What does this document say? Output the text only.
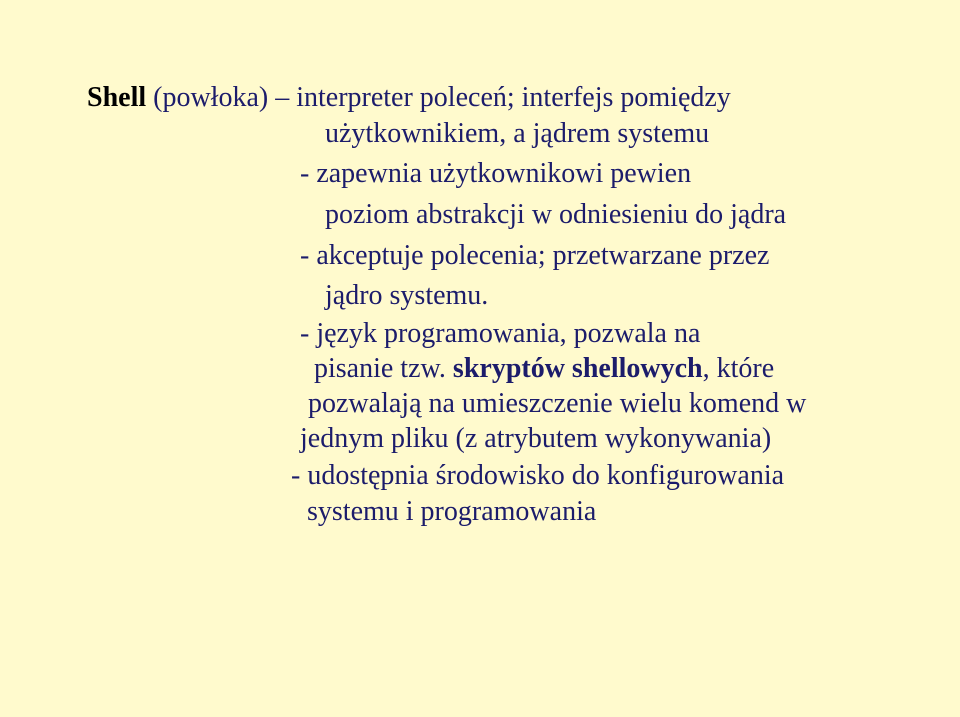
Shell (powłoka) – interpreter poleceń; interfejs pomiędzy
użytkownikiem, a jądrem systemu
- zapewnia użytkownikowi pewien
poziom abstrakcji w odniesieniu do jądra
- akceptuje polecenia; przetwarzane przez
jądro systemu.
- język programowania, pozwala na
pisanie tzw. skryptów shellowych, które
pozwalają na umieszczenie wielu komend w
jednym pliku (z atrybutem wykonywania)
- udostępnia środowisko do konfigurowania
systemu i programowania
